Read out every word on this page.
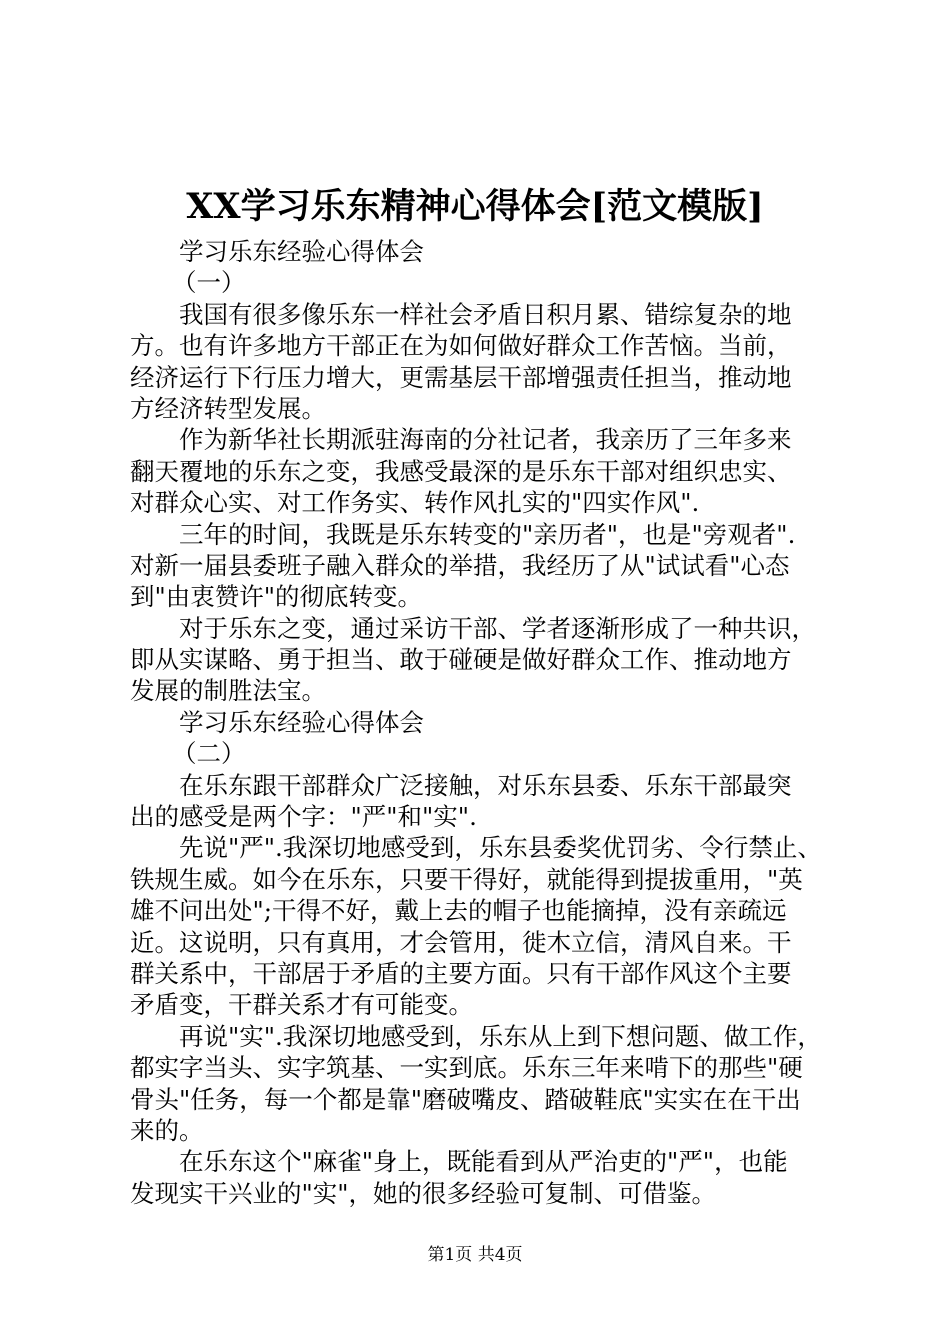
XX学习乐东精神心得体会[范文模版]
学习乐东经验心得体会
（一）
我国有很多像乐东一样社会矛盾日积月累、错综复杂的地
方。也有许多地方干部正在为如何做好群众工作苦恼。当前，
经济运行下行压力增大，更需基层干部增强责任担当，推动地
方经济转型发展。
作为新华社长期派驻海南的分社记者，我亲历了三年多来
翻天覆地的乐东之变，我感受最深的是乐东干部对组织忠实、
对群众心实、对工作务实、转作风扎实的"四实作风".
三年的时间，我既是乐东转变的"亲历者"，也是"旁观者".
对新一届县委班子融入群众的举措，我经历了从"试试看"心态
到"由衷赞许"的彻底转变。
对于乐东之变，通过采访干部、学者逐渐形成了一种共识，
即从实谋略、勇于担当、敢于碰硬是做好群众工作、推动地方
发展的制胜法宝。
学习乐东经验心得体会
（二）
在乐东跟干部群众广泛接触，对乐东县委、乐东干部最突
出的感受是两个字："严"和"实".
先说"严".我深切地感受到，乐东县委奖优罚劣、令行禁止、
铁规生威。如今在乐东，只要干得好，就能得到提拔重用，"英
雄不问出处";干得不好，戴上去的帽子也能摘掉，没有亲疏远
近。这说明，只有真用，才会管用，徙木立信，清风自来。干
群关系中，干部居于矛盾的主要方面。只有干部作风这个主要
矛盾变，干群关系才有可能变。
再说"实".我深切地感受到，乐东从上到下想问题、做工作，
都实字当头、实字筑基、一实到底。乐东三年来啃下的那些"硬
骨头"任务，每一个都是靠"磨破嘴皮、踏破鞋底"实实在在干出
来的。
在乐东这个"麻雀"身上，既能看到从严治吏的"严"，也能
发现实干兴业的"实"，她的很多经验可复制、可借鉴。
第1页 共4页
